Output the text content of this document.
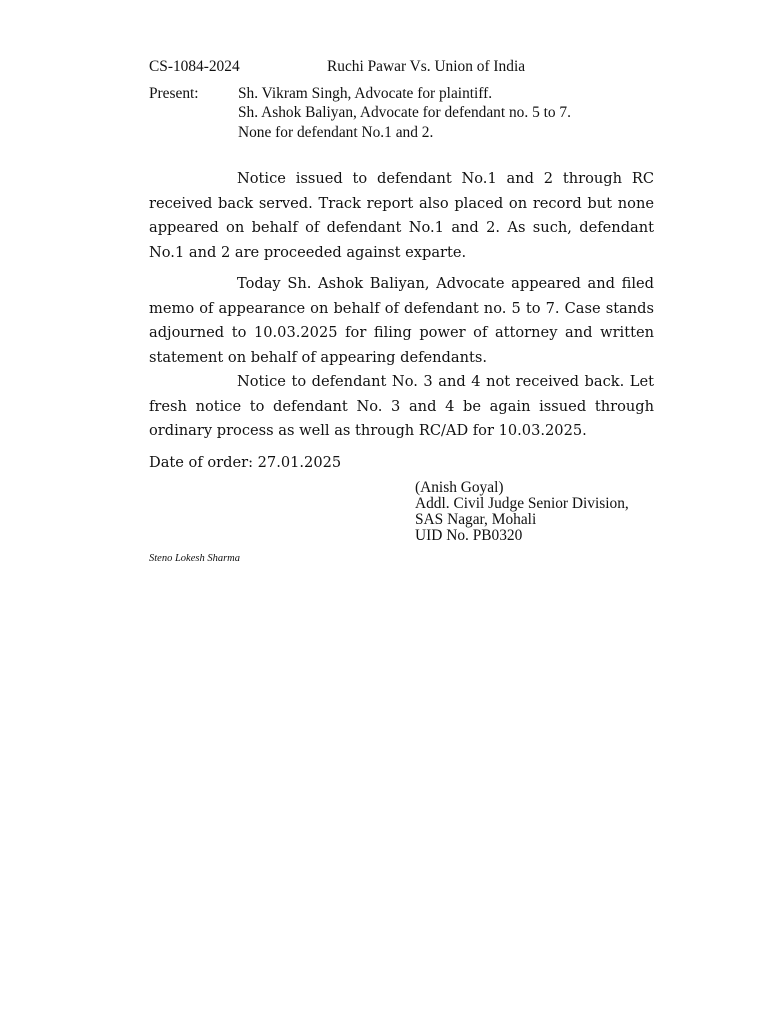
CS-1084-2024	Ruchi Pawar Vs. Union of India
Present:	Sh. Vikram Singh, Advocate for plaintiff.
Sh. Ashok Baliyan, Advocate for defendant no. 5 to 7.
None for defendant No.1 and 2.

Notice issued to defendant No.1 and 2 through RC received back served. Track report also placed on record but none appeared on behalf of defendant No.1 and 2. As such, defendant No.1 and 2 are proceeded against exparte.

Today Sh. Ashok Baliyan, Advocate appeared and filed memo of appearance on behalf of defendant no. 5 to 7. Case stands adjourned to 10.03.2025 for filing power of attorney and written statement on behalf of appearing defendants.

Notice to defendant No. 3 and 4 not received back. Let fresh notice to defendant No. 3 and 4 be again issued through ordinary process as well as through RC/AD for 10.03.2025.

Date of order: 27.01.2025
(Anish Goyal)
Addl. Civil Judge Senior Division,
SAS Nagar, Mohali
UID No. PB0320
Steno Lokesh Sharma
